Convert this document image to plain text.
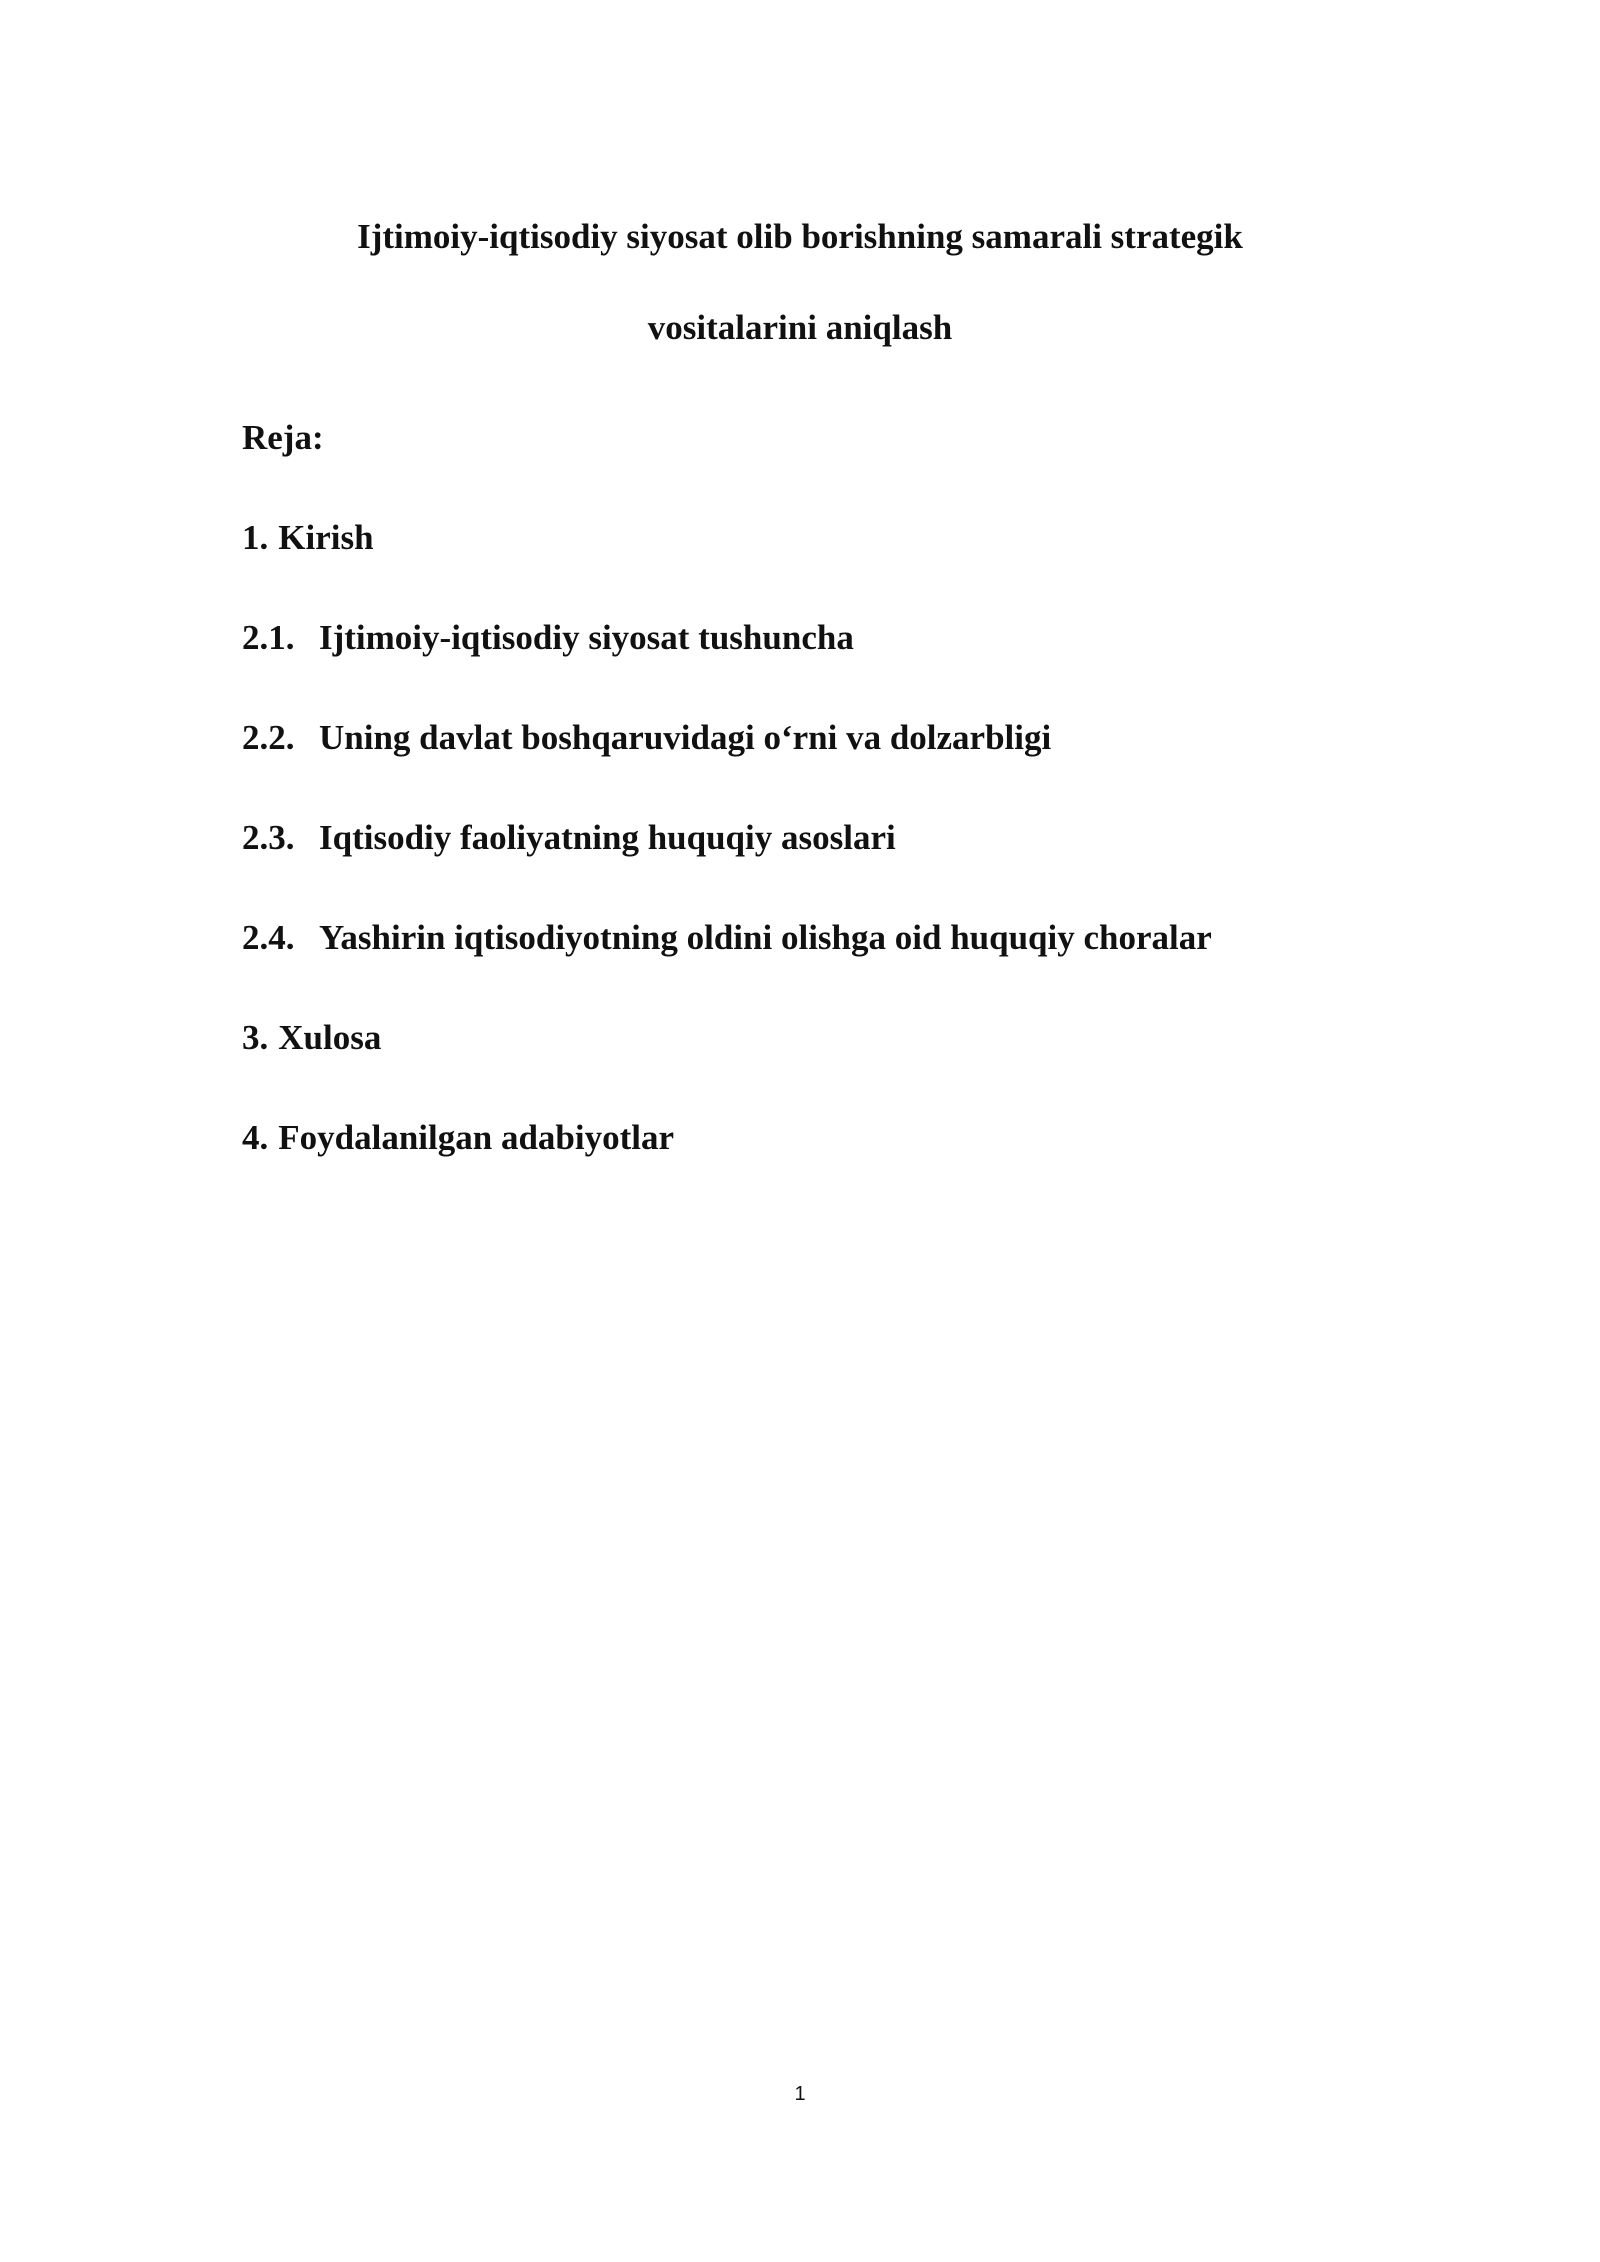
Ijtimoiy-iqtisodiy siyosat olib borishning samarali strategik
vositalarini aniqlash
Reja:
1. Kirish
2.1. Ijtimoiy-iqtisodiy siyosat tushuncha
2.2. Uning davlat boshqaruvidagi o‘rni va dolzarbligi
2.3. Iqtisodiy faoliyatning huquqiy asoslari
2.4. Yashirin iqtisodiyotning oldini olishga oid huquqiy choralar
3. Xulosa
4. Foydalanilgan adabiyotlar
1
